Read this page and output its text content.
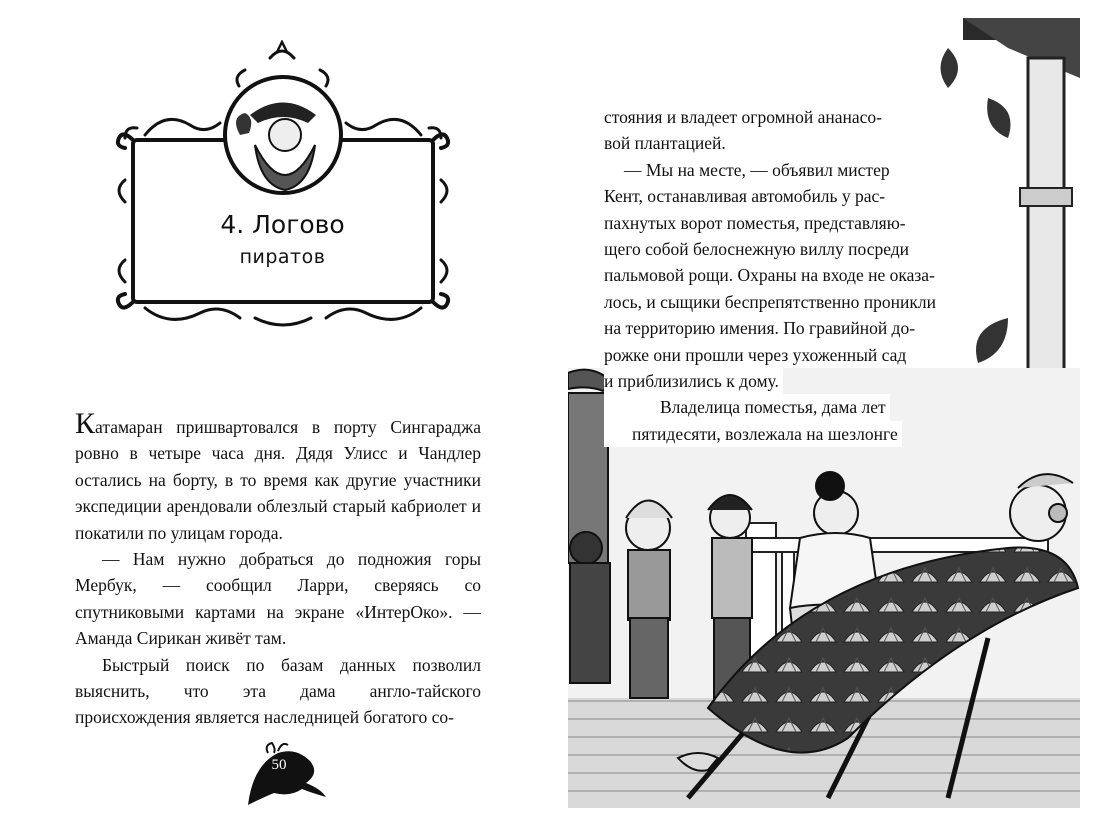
4. Логово
пиратов

Катамаран пришвартовался в порту Сингараджа ровно в четыре часа дня. Дядя Улисс и Чандлер остались на борту, в то время как другие участники экспедиции арендовали облезлый старый кабриолет и покатили по улицам города.

— Нам нужно добраться до подножия горы Мербук, — сообщил Ларри, сверяясь со спутниковыми картами на экране «ИнтерОко». — Аманда Сирикан живёт там.

Быстрый поиск по базам данных позволил выяснить, что эта дама англо-тайского происхождения является наследницей богатого со-

50

стояния и владеет огромной ананасо-
вой плантацией.
— Мы на месте, — объявил мистер
Кент, останавливая автомобиль у рас-
пахнутых ворот поместья, представляю-
щего собой белоснежную виллу посреди
пальмовой рощи. Охраны на входе не оказа-
лось, и сыщики беспрепятственно проникли
на территорию имения. По гравийной до-
рожке они прошли через ухоженный сад
и приблизились к дому.
Владелица поместья, дама лет
пятидесяти, возлежала на шезлонге
